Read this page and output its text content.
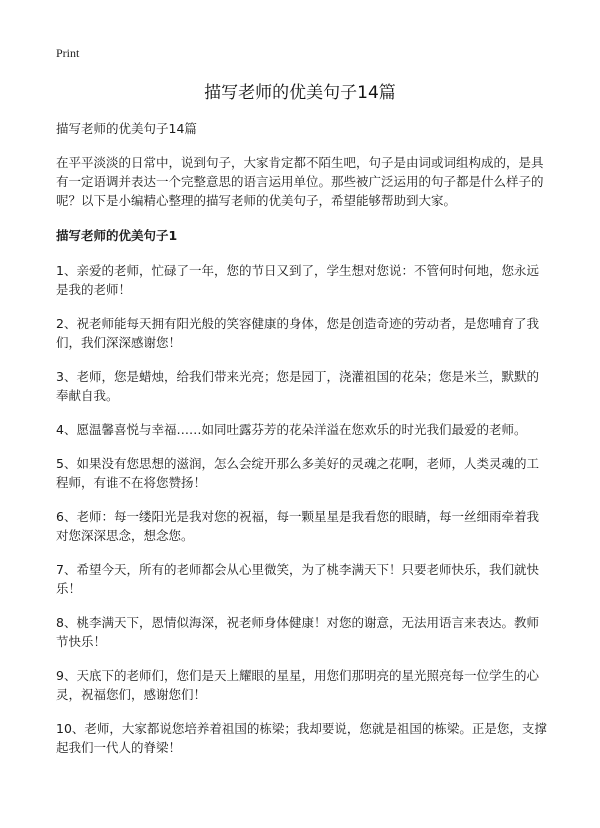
Print
描写老师的优美句子14篇

描写老师的优美句子14篇

在平平淡淡的日常中，说到句子，大家肯定都不陌生吧，句子是由词或词组构成的，是具有一定语调并表达一个完整意思的语言运用单位。那些被广泛运用的句子都是什么样子的呢？以下是小编精心整理的描写老师的优美句子，希望能够帮助到大家。

描写老师的优美句子1

1、亲爱的老师，忙碌了一年，您的节日又到了，学生想对您说：不管何时何地，您永远是我的老师！

2、祝老师能每天拥有阳光般的笑容健康的身体，您是创造奇迹的劳动者，是您哺育了我们，我们深深感谢您！

3、老师，您是蜡烛，给我们带来光亮；您是园丁，浇灌祖国的花朵；您是米兰，默默的奉献自我。

4、愿温馨喜悦与幸福……如同吐露芬芳的花朵洋溢在您欢乐的时光我们最爱的老师。

5、如果没有您思想的滋润，怎么会绽开那么多美好的灵魂之花啊，老师，人类灵魂的工程师，有谁不在将您赞扬！

6、老师：每一缕阳光是我对您的祝福，每一颗星星是我看您的眼睛，每一丝细雨牵着我对您深深思念，想念您。

7、希望今天，所有的老师都会从心里微笑，为了桃李满天下！只要老师快乐，我们就快乐！

8、桃李满天下，恩情似海深，祝老师身体健康！对您的谢意，无法用语言来表达。教师节快乐！

9、天底下的老师们，您们是天上耀眼的星星，用您们那明亮的星光照亮每一位学生的心灵，祝福您们，感谢您们！

10、老师，大家都说您培养着祖国的栋梁；我却要说，您就是祖国的栋梁。正是您，支撑起我们一代人的脊梁！
